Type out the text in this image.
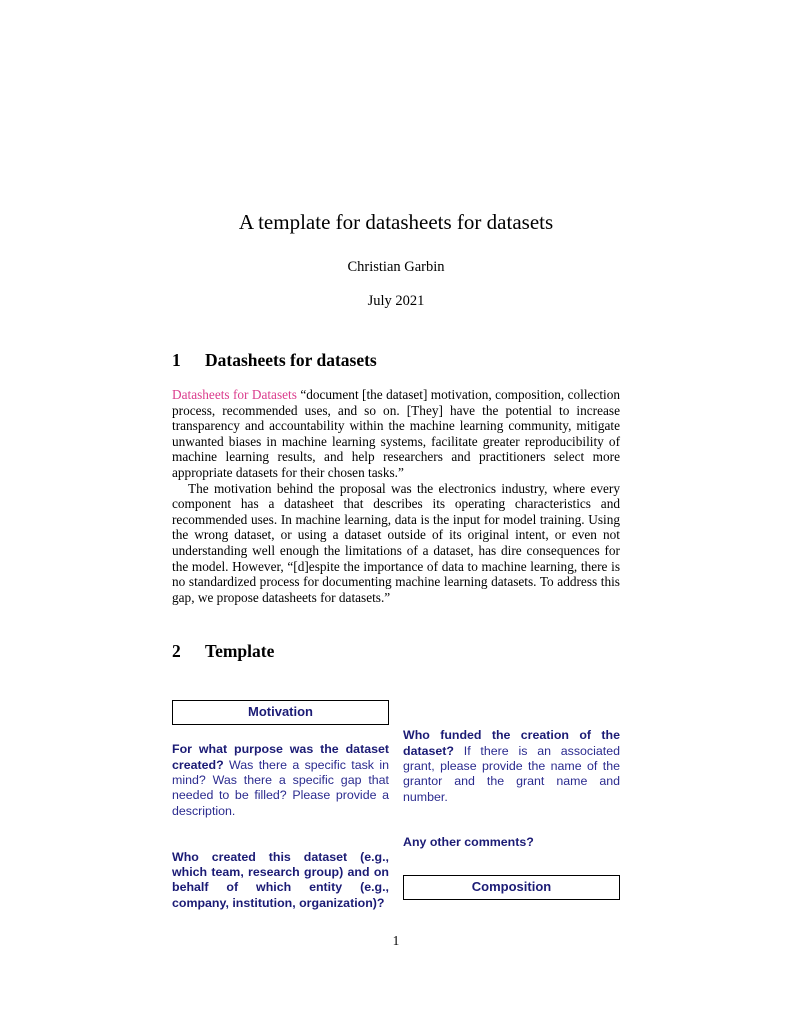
A template for datasheets for datasets
Christian Garbin
July 2021
1	Datasheets for datasets

Datasheets for Datasets “document [the dataset] motivation, composition, collection process, recommended uses, and so on. [They] have the potential to increase transparency and accountability within the machine learning community, mitigate unwanted biases in machine learning systems, facilitate greater reproducibility of machine learning results, and help researchers and practitioners select more appropriate datasets for their chosen tasks.”

The motivation behind the proposal was the electronics industry, where every component has a datasheet that describes its operating characteristics and recommended uses. In machine learning, data is the input for model training. Using the wrong dataset, or using a dataset outside of its original intent, or even not understanding well enough the limitations of a dataset, has dire consequences for the model. However, “[d]espite the importance of data to machine learning, there is no standardized process for documenting machine learning datasets. To address this gap, we propose datasheets for datasets.”

2	Template
Motivation

For what purpose was the dataset created? Was there a specific task in mind? Was there a specific gap that needed to be filled? Please provide a description.

Who created this dataset (e.g., which team, research group) and on behalf of which entity (e.g., company, institution, organization)?

Who funded the creation of the dataset? If there is an associated grant, please provide the name of the grantor and the grant name and number.

Any other comments?

Composition
1
